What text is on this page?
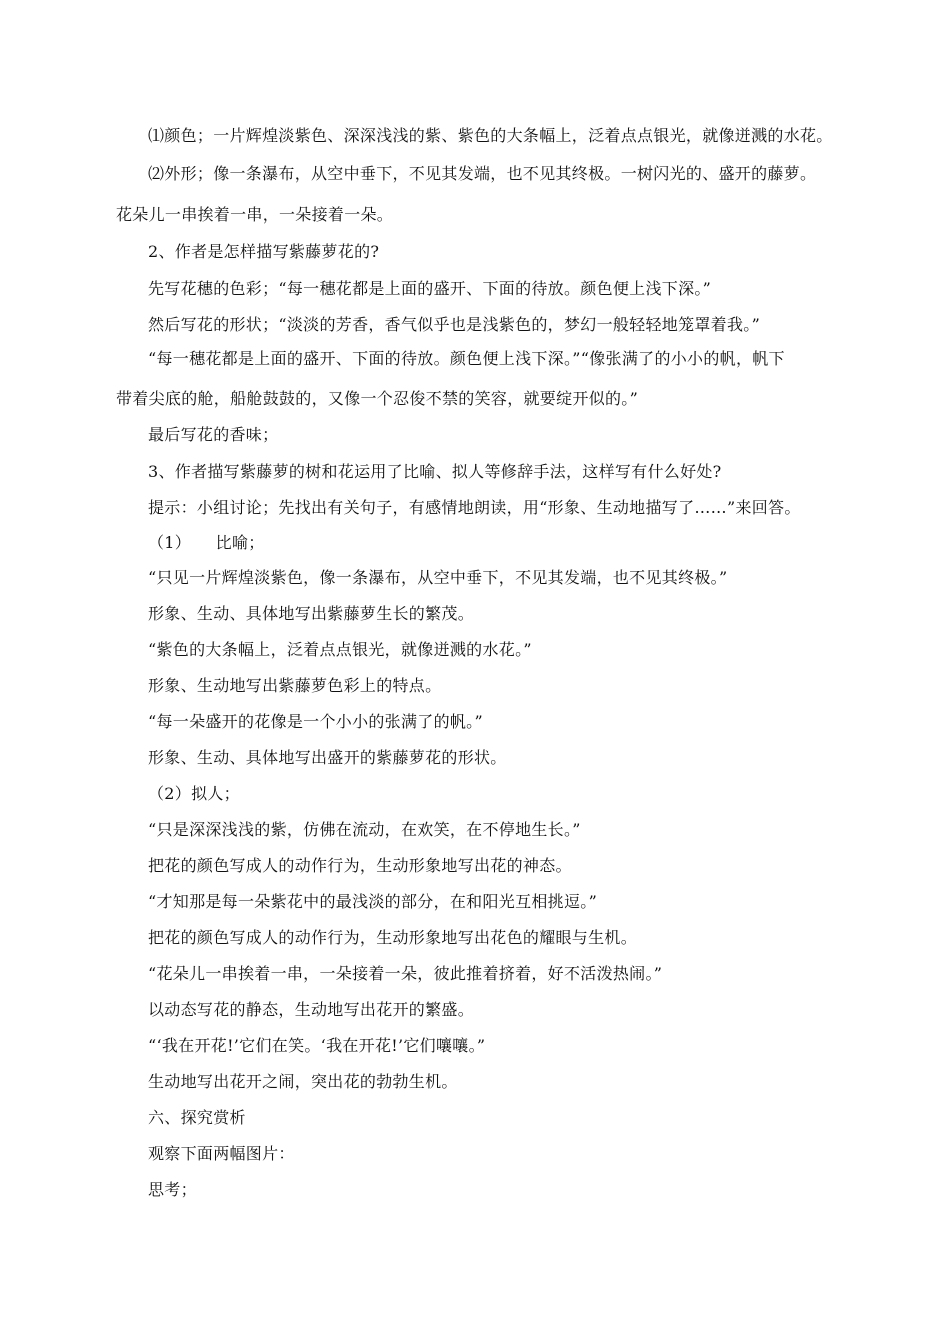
⑴颜色；一片辉煌淡紫色、深深浅浅的紫、紫色的大条幅上，泛着点点银光，就像迸溅的水花。
⑵外形；像一条瀑布，从空中垂下，不见其发端，也不见其终极。一树闪光的、盛开的藤萝。
花朵儿一串挨着一串，一朵接着一朵。
2、作者是怎样描写紫藤萝花的?
先写花穗的色彩；“每一穗花都是上面的盛开、下面的待放。颜色便上浅下深。”
然后写花的形状；“淡淡的芳香，香气似乎也是浅紫色的，梦幻一般轻轻地笼罩着我。”
“每一穗花都是上面的盛开、下面的待放。颜色便上浅下深。”“像张满了的小小的帆，帆下
带着尖底的舱，船舱鼓鼓的，又像一个忍俊不禁的笑容，就要绽开似的。”
最后写花的香味；
3、作者描写紫藤萝的树和花运用了比喻、拟人等修辞手法，这样写有什么好处?
提示：小组讨论；先找出有关句子，有感情地朗读，用“形象、生动地描写了……”来回答。
（1）　　比喻；
“只见一片辉煌淡紫色，像一条瀑布，从空中垂下，不见其发端，也不见其终极。”
形象、生动、具体地写出紫藤萝生长的繁茂。
“紫色的大条幅上，泛着点点银光，就像迸溅的水花。”
形象、生动地写出紫藤萝色彩上的特点。
“每一朵盛开的花像是一个小小的张满了的帆。”
形象、生动、具体地写出盛开的紫藤萝花的形状。
（2）拟人；
“只是深深浅浅的紫，仿佛在流动，在欢笑，在不停地生长。”
把花的颜色写成人的动作行为，生动形象地写出花的神态。
“才知那是每一朵紫花中的最浅淡的部分，在和阳光互相挑逗。”
把花的颜色写成人的动作行为，生动形象地写出花色的耀眼与生机。
“花朵儿一串挨着一串，一朵接着一朵，彼此推着挤着，好不活泼热闹。”
以动态写花的静态，生动地写出花开的繁盛。
“‘我在开花!’它们在笑。‘我在开花!’它们嚷嚷。”
生动地写出花开之闹，突出花的勃勃生机。
六、探究赏析
观察下面两幅图片：
思考；
